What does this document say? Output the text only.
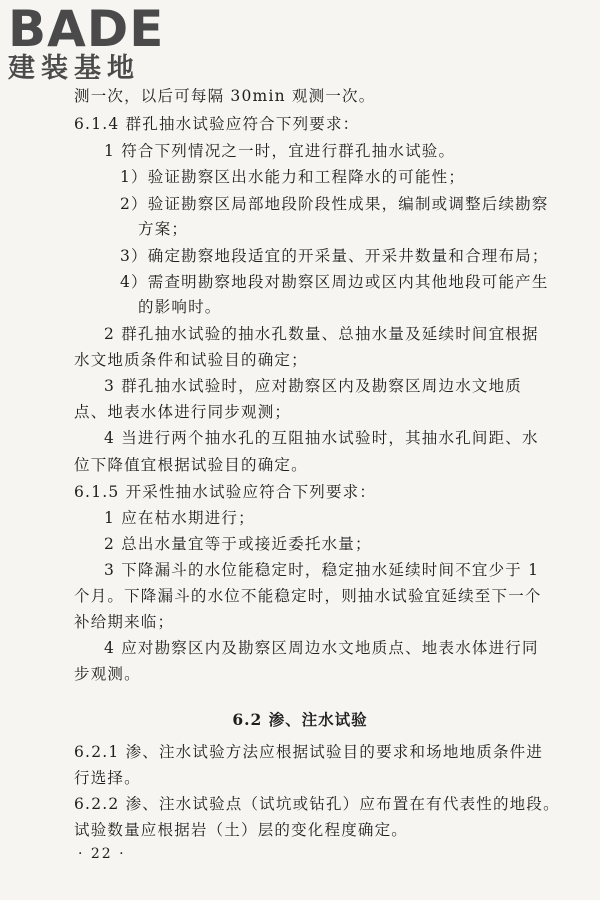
BADE
建装基地
测一次，以后可每隔 30min 观测一次。
6.1.4 群孔抽水试验应符合下列要求：
1 符合下列情况之一时，宜进行群孔抽水试验。
1）验证勘察区出水能力和工程降水的可能性；
2）验证勘察区局部地段阶段性成果，编制或调整后续勘察
方案；
3）确定勘察地段适宜的开采量、开采井数量和合理布局；
4）需查明勘察地段对勘察区周边或区内其他地段可能产生
的影响时。
2 群孔抽水试验的抽水孔数量、总抽水量及延续时间宜根据
水文地质条件和试验目的确定；
3 群孔抽水试验时，应对勘察区内及勘察区周边水文地质
点、地表水体进行同步观测；
4 当进行两个抽水孔的互阻抽水试验时，其抽水孔间距、水
位下降值宜根据试验目的确定。
6.1.5 开采性抽水试验应符合下列要求：
1 应在枯水期进行；
2 总出水量宜等于或接近委托水量；
3 下降漏斗的水位能稳定时，稳定抽水延续时间不宜少于 1
个月。下降漏斗的水位不能稳定时，则抽水试验宜延续至下一个
补给期来临；
4 应对勘察区内及勘察区周边水文地质点、地表水体进行同
步观测。
6.2 渗、注水试验
6.2.1 渗、注水试验方法应根据试验目的要求和场地地质条件进
行选择。
6.2.2 渗、注水试验点（试坑或钻孔）应布置在有代表性的地段。
试验数量应根据岩（土）层的变化程度确定。
· 22 ·
